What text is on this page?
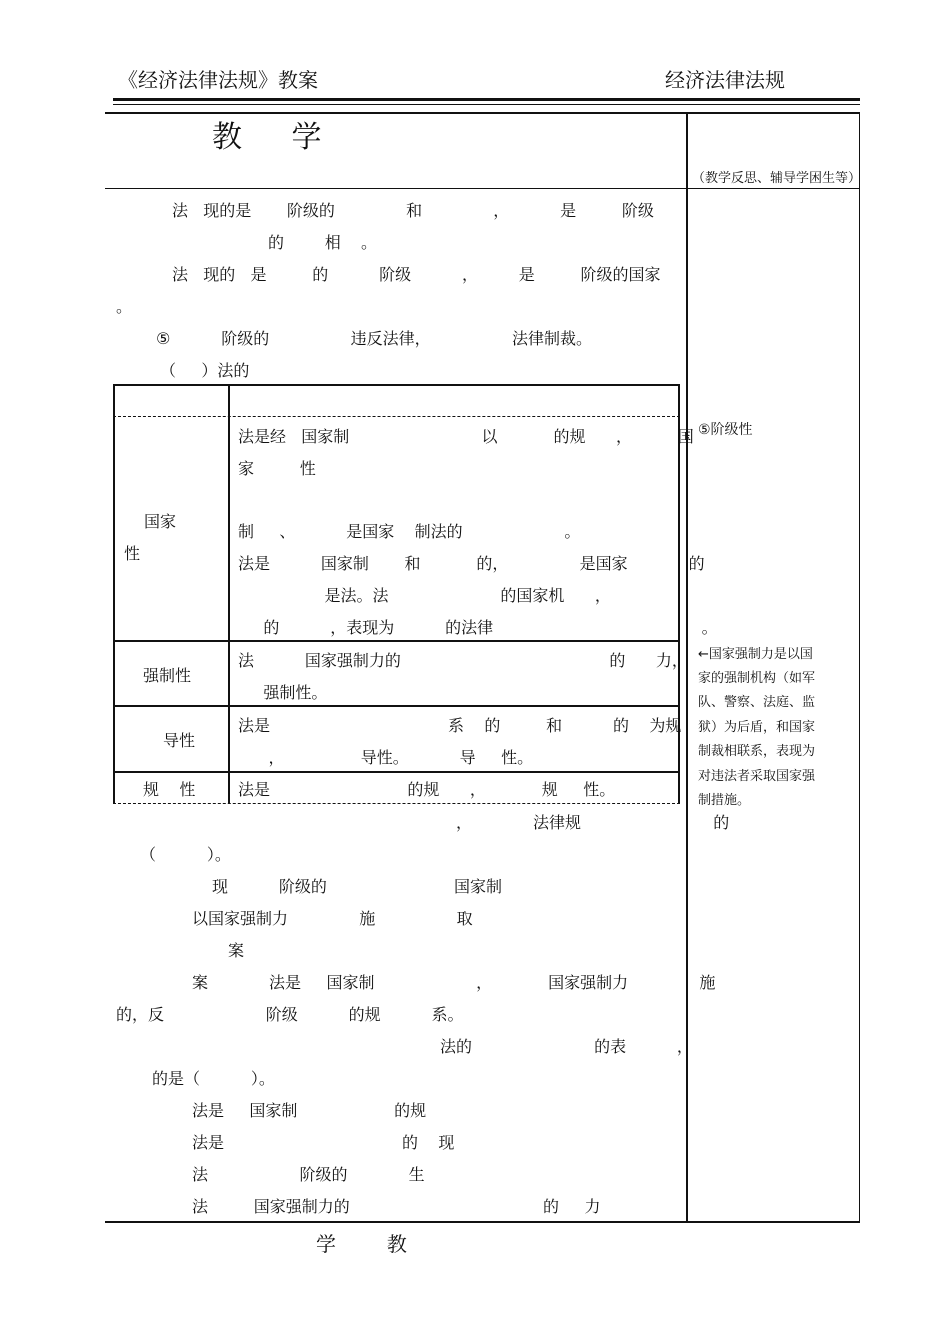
《经济法律法规》教案	经济法律法规
教 学
（教学反思、辅导学困生等）
法   现的是       阶级的              和              ，          是         阶级
的        相    。
法   现的   是         的          阶级          ，        是         阶级的国家
。
⑤          阶级的                违反法律，                法律制裁。
（     ）法的
国家
性
法是经   国家制                          以           的规      ，         国
家         性
制     、          是国家    制法的                    。
法是          国家制       和           的，              是国家            的
是法。法                      的国家机      ，
的          ，表现为          的法律                                         。
强制性
法          国家强制力的                                         的      力，
强制性。
导性
法是                                   系    的         和          的    为规
，               导性。          导     性。
规    性	法是                           的规      ，           规     性。
，            法律规                          的
（          ）。
现          阶级的                         国家制
以国家强制力              施                取
案
案            法是     国家制                    ，           国家强制力              施
的，反                    阶级          的规          系。
法的                        的表          ，
的是（          ）。
法是     国家制                   的规
法是                                   的    现
法                  阶级的            生
法         国家强制力的                                      的     力
⑤阶级性
←国家强制力是以国
家的强制机构（如军
队、警察、法庭、监
狱）为后盾，和国家
制裁相联系，表现为
对违法者采取国家强
制措施。
学        教
